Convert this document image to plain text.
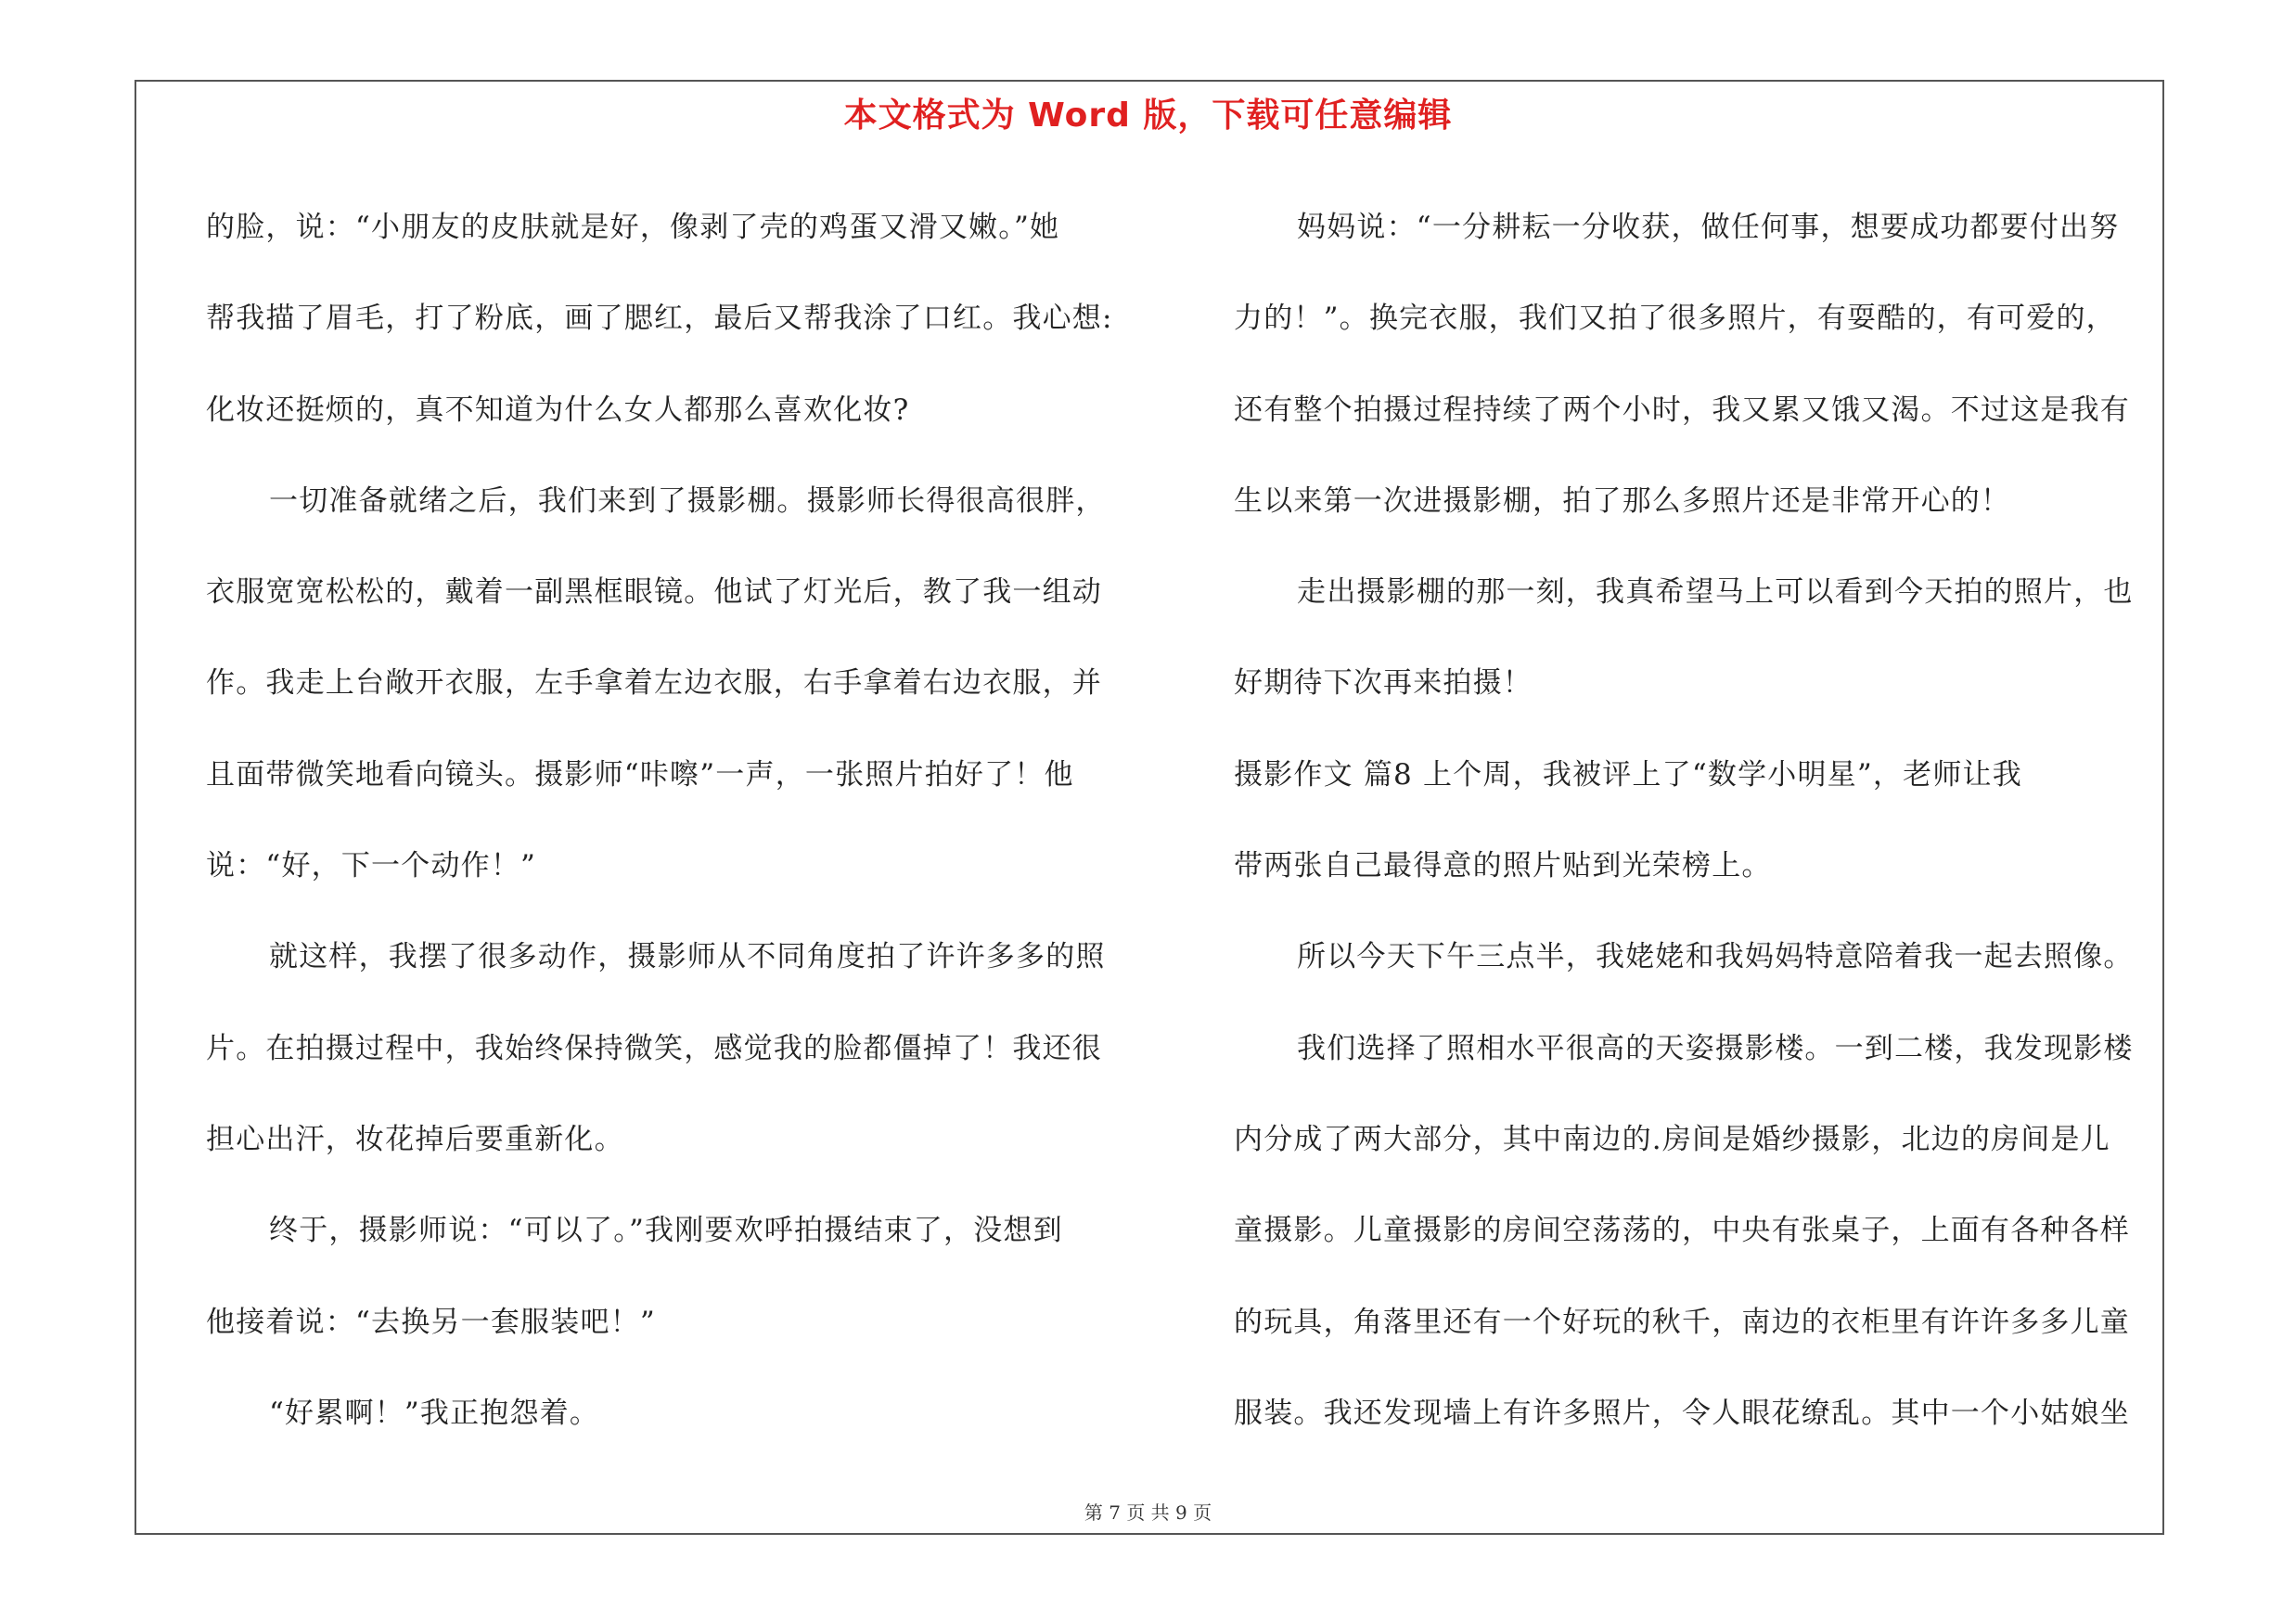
本文格式为 Word 版，下载可任意编辑
的脸，说：“小朋友的皮肤就是好，像剥了壳的鸡蛋又滑又嫩。”她
帮我描了眉毛，打了粉底，画了腮红，最后又帮我涂了口红。我心想:
化妆还挺烦的，真不知道为什么女人都那么喜欢化妆?
一切准备就绪之后，我们来到了摄影棚。摄影师长得很高很胖，
衣服宽宽松松的，戴着一副黑框眼镜。他试了灯光后，教了我一组动
作。我走上台敞开衣服，左手拿着左边衣服，右手拿着右边衣服，并
且面带微笑地看向镜头。摄影师“咔嚓”一声，一张照片拍好了！他
说：“好，下一个动作！”
就这样，我摆了很多动作，摄影师从不同角度拍了许许多多的照
片。在拍摄过程中，我始终保持微笑，感觉我的脸都僵掉了！我还很
担心出汗，妆花掉后要重新化。
终于，摄影师说：“可以了。”我刚要欢呼拍摄结束了，没想到
他接着说：“去换另一套服装吧！”
“好累啊！”我正抱怨着。
妈妈说：“一分耕耘一分收获，做任何事，想要成功都要付出努
力的！”。换完衣服，我们又拍了很多照片，有耍酷的，有可爱的，
还有整个拍摄过程持续了两个小时，我又累又饿又渴。不过这是我有
生以来第一次进摄影棚，拍了那么多照片还是非常开心的！
走出摄影棚的那一刻，我真希望马上可以看到今天拍的照片，也
好期待下次再来拍摄！
摄影作文 篇8 上个周，我被评上了“数学小明星”，老师让我
带两张自己最得意的照片贴到光荣榜上。
所以今天下午三点半，我姥姥和我妈妈特意陪着我一起去照像。
我们选择了照相水平很高的天姿摄影楼。一到二楼，我发现影楼
内分成了两大部分，其中南边的.房间是婚纱摄影，北边的房间是儿
童摄影。儿童摄影的房间空荡荡的，中央有张桌子，上面有各种各样
的玩具，角落里还有一个好玩的秋千，南边的衣柜里有许许多多儿童
服装。我还发现墙上有许多照片，令人眼花缭乱。其中一个小姑娘坐
第 7 页 共 9 页
